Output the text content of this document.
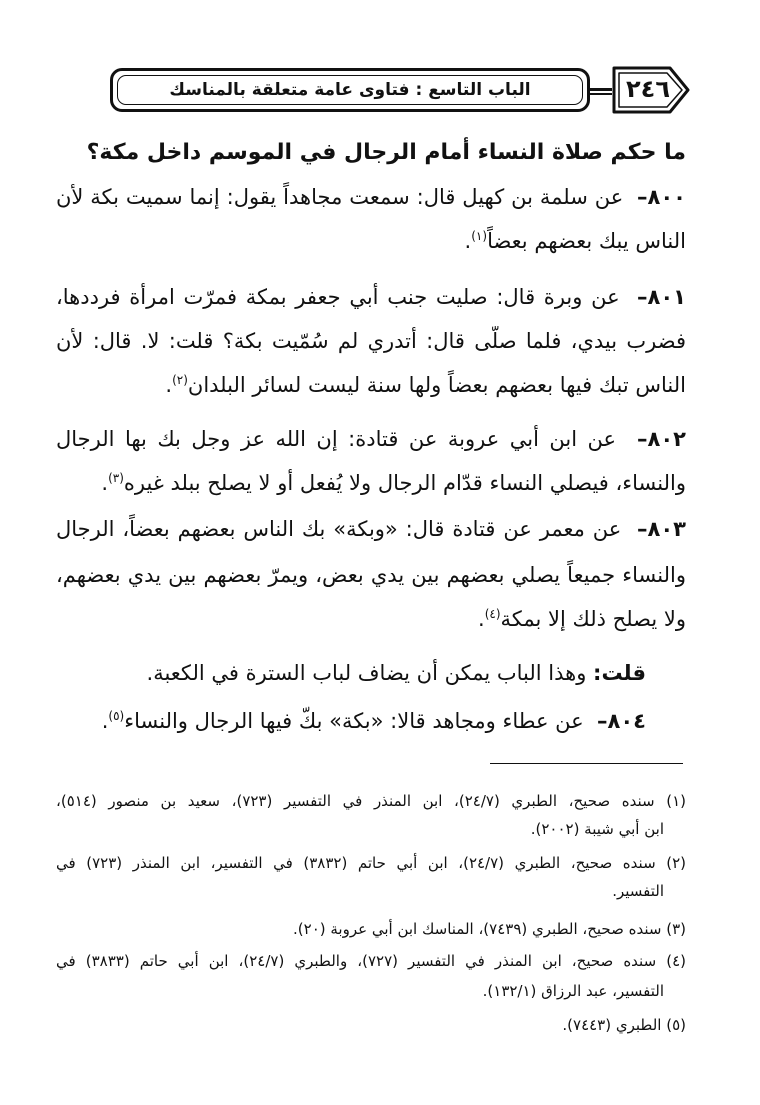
الباب التاسع : فتاوى عامة متعلقة بالمناسك	٢٤٦
ما حكم صلاة النساء أمام الرجال في الموسم داخل مكة؟
٨٠٠–  عن سلمة بن كهيل قال: سمعت مجاهداً يقول: إنما سميت بكة لأن
الناس يبك بعضهم بعضاً$^{(١)}$.
٨٠١–  عن وبرة قال: صليت جنب أبي جعفر بمكة فمرّت امرأة فرددها،
فضرب بيدي، فلما صلّى قال: أتدري لم سُمّيت بكة؟ قلت: لا. قال: لأن
الناس تبك فيها بعضهم بعضاً ولها سنة ليست لسائر البلدان$^{(٢)}$.
٨٠٢–  عن ابن أبي عروبة عن قتادة: إن الله عز وجل بك بها الرجال
والنساء، فيصلي النساء قدّام الرجال ولا يُفعل أو لا يصلح ببلد غيره$^{(٣)}$.
٨٠٣–  عن معمر عن قتادة قال: «وبكة» بك الناس بعضهم بعضاً، الرجال
والنساء جميعاً يصلي بعضهم بين يدي بعض، ويمرّ بعضهم بين يدي بعضهم،
ولا يصلح ذلك إلا بمكة$^{(٤)}$.
قلت: وهذا الباب يمكن أن يضاف لباب السترة في الكعبة.
٨٠٤–  عن عطاء ومجاهد قالا: «بكة» بكّ فيها الرجال والنساء$^{(٥)}$.
(١) سنده صحيح، الطبري (٢٤/٧)، ابن المنذر في التفسير (٧٢٣)، سعيد بن منصور (٥١٤)،
ابن أبي شيبة (٢٠٠٢).
(٢) سنده صحيح، الطبري (٢٤/٧)، ابن أبي حاتم (٣٨٣٢) في التفسير، ابن المنذر (٧٢٣) في
التفسير.
(٣) سنده صحيح، الطبري (٧٤٣٩)، المناسك ابن أبي عروبة (٢٠).
(٤) سنده صحيح، ابن المنذر في التفسير (٧٢٧)، والطبري (٢٤/٧)، ابن أبي حاتم (٣٨٣٣) في
التفسير، عبد الرزاق (١٣٢/١).
(٥) الطبري (٧٤٤٣).
